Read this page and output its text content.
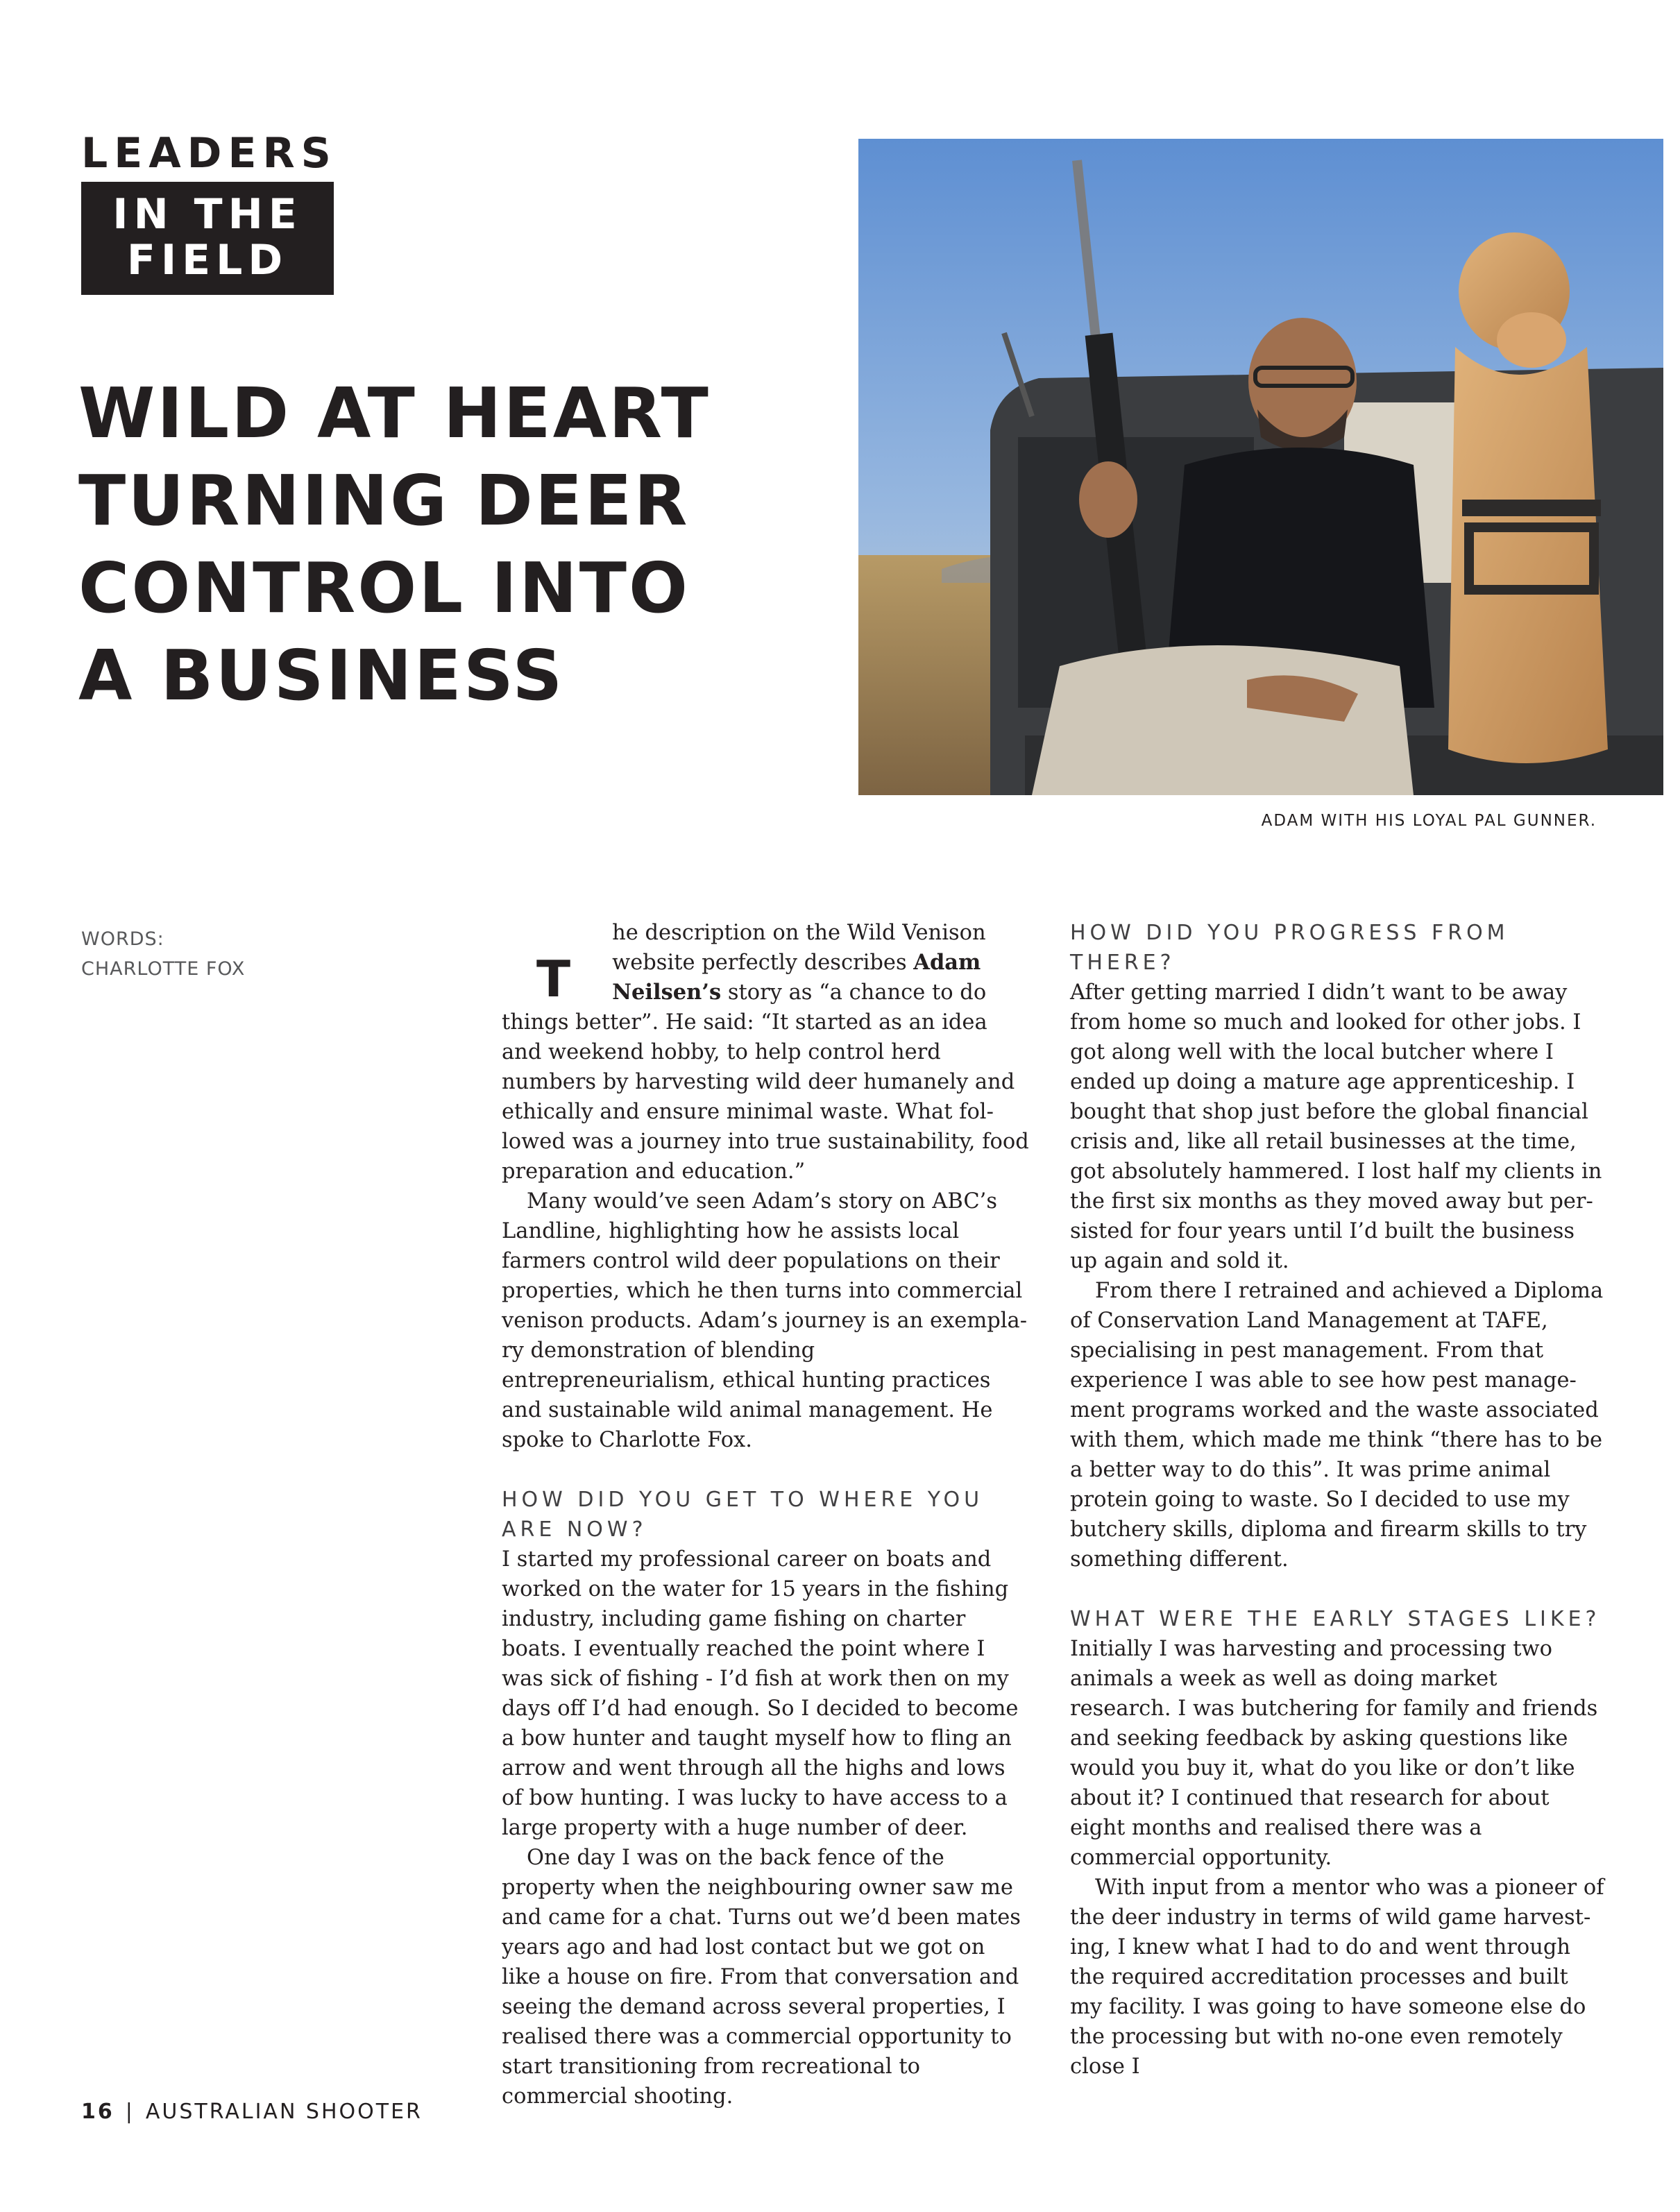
LEADERS
IN THE
FIELD
WILD AT HEART
TURNING DEER
CONTROL INTO
A BUSINESS
ADAM WITH HIS LOYAL PAL GUNNER.
WORDS:
CHARLOTTE FOX	T
he description on the Wild Venison website perfectly describes Adam Neilsen’s story as “a chance to do things better”. He said: “It started as an idea and weekend hobby, to help control herd numbers by harvesting wild deer humanely and ethically and ensure minimal waste. What followed was a journey into true sustainability, food preparation and education.”

Many would’ve seen Adam’s story on ABC’s Landline, highlighting how he assists local farmers control wild deer populations on their properties, which he then turns into commercial venison products. Adam’s journey is an exemplary demonstration of blending entrepreneurialism, ethical hunting practices and sustainable wild animal management. He spoke to Charlotte Fox.

HOW DID YOU GET TO WHERE YOU ARE NOW?

I started my professional career on boats and worked on the water for 15 years in the fishing industry, including game fishing on charter boats. I eventually reached the point where I was sick of fishing - I’d fish at work then on my days off I’d had enough. So I decided to become a bow hunter and taught myself how to fling an arrow and went through all the highs and lows of bow hunting. I was lucky to have access to a large property with a huge number of deer.

One day I was on the back fence of the property when the neighbouring owner saw me and came for a chat. Turns out we’d been mates years ago and had lost contact but we got on like a house on fire. From that conversation and seeing the demand across several properties, I realised there was a commercial opportunity to start transitioning from recreational to commercial shooting.

HOW DID YOU PROGRESS FROM THERE?

After getting married I didn’t want to be away from home so much and looked for other jobs. I got along well with the local butcher where I ended up doing a mature age apprenticeship. I bought that shop just before the global financial crisis and, like all retail businesses at the time, got absolutely hammered. I lost half my clients in the first six months as they moved away but persisted for four years until I’d built the business up again and sold it.

From there I retrained and achieved a Diploma of Conservation Land Management at TAFE, specialising in pest management. From that experience I was able to see how pest management programs worked and the waste associated with them, which made me think “there has to be a better way to do this”. It was prime animal protein going to waste. So I decided to use my butchery skills, diploma and firearm skills to try something different.

WHAT WERE THE EARLY STAGES LIKE?

Initially I was harvesting and processing two animals a week as well as doing market research. I was butchering for family and friends and seeking feedback by asking questions like would you buy it, what do you like or don’t like about it? I continued that research for about eight months and realised there was a commercial opportunity.

With input from a mentor who was a pioneer of the deer industry in terms of wild game harvesting, I knew what I had to do and went through the required accreditation processes and built my facility. I was going to have someone else do the processing but with no-one even remotely close I

16 | AUSTRALIAN SHOOTER
